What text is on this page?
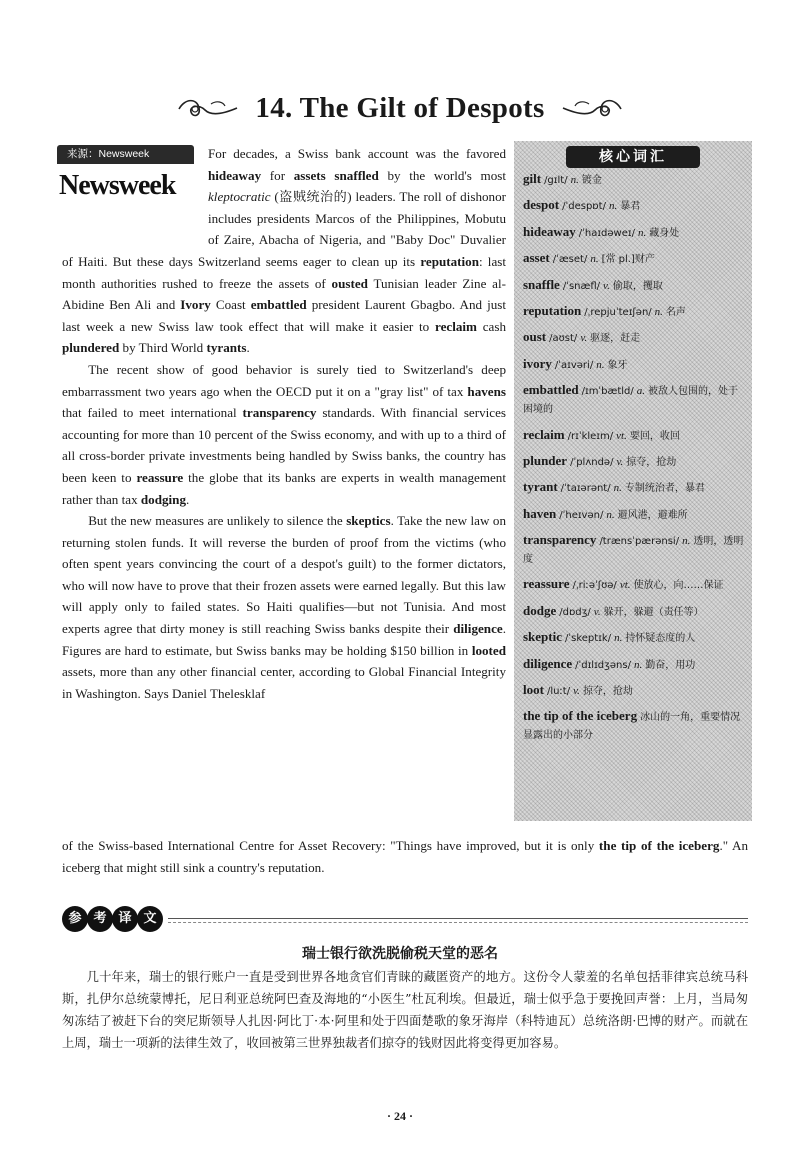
14. The Gilt of Despots
来源：Newsweek
Newsweek

For decades, a Swiss bank account was the favored hideaway for assets snaffled by the world's most kleptocratic (盗贼统治的) leaders. The roll of dishonor includes presidents Marcos of the Philippines, Mobutu of Zaire, Abacha of Nigeria, and "Baby Doc" Duvalier of Haiti. But these days Switzerland seems eager to clean up its reputation: last month authorities rushed to freeze the assets of ousted Tunisian leader Zine al-Abidine Ben Ali and Ivory Coast embattled president Laurent Gbagbo. And just last week a new Swiss law took effect that will make it easier to reclaim cash plundered by Third World tyrants.

The recent show of good behavior is surely tied to Switzerland's deep embarrassment two years ago when the OECD put it on a "gray list" of tax havens that failed to meet international transparency standards. With financial services accounting for more than 10 percent of the Swiss economy, and with up to a third of all cross-border private investments being handled by Swiss banks, the country has been keen to reassure the globe that its banks are experts in wealth management rather than tax dodging.

But the new measures are unlikely to silence the skeptics. Take the new law on returning stolen funds. It will reverse the burden of proof from the victims (who often spent years convincing the court of a despot's guilt) to the former dictators, who will now have to prove that their frozen assets were earned legally. But this law will apply only to failed states. So Haiti qualifies—but not Tunisia. And most experts agree that dirty money is still reaching Swiss banks despite their diligence. Figures are hard to estimate, but Swiss banks may be holding $150 billion in looted assets, more than any other financial center, according to Global Financial Integrity in Washington. Says Daniel Thelesklaf

of the Swiss-based International Centre for Asset Recovery: "Things have improved, but it is only the tip of the iceberg." An iceberg that might still sink a country's reputation.
核心词汇
gilt /gɪlt/ n. 镀金
despot /ˈdespɒt/ n. 暴君
hideaway /ˈhaɪdəweɪ/ n. 藏身处
asset /ˈæset/ n. [常 pl.]财产
snaffle /ˈsnæfl/ v. 偷取，攫取
reputation /ˌrepjuˈteɪʃən/ n. 名声
oust /aʊst/ v. 驱逐，赶走
ivory /ˈaɪvəri/ n. 象牙
embattled /ɪmˈbætld/ a. 被敌人包围的，处于困境的
reclaim /rɪˈkleɪm/ vt. 要回，收回
plunder /ˈplʌndə/ v. 掠夺，抢劫
tyrant /ˈtaɪərənt/ n. 专制统治者，暴君
haven /ˈheɪvən/ n. 避风港，避难所
transparency /trænsˈpærənsi/ n. 透明，透明度
reassure /ˌriːəˈʃʊə/ vt. 使放心，向……保证
dodge /dɒdʒ/ v. 躲开，躲避（责任等）
skeptic /ˈskeptɪk/ n. 持怀疑态度的人
diligence /ˈdɪlɪdʒəns/ n. 勤奋，用功
loot /luːt/ v. 掠夺，抢劫
the tip of the iceberg 冰山的一角，重要情况显露出的小部分
参 考 译 文
瑞士银行欲洗脱偷税天堂的恶名

几十年来，瑞士的银行账户一直是受到世界各地贪官们青睐的藏匿资产的地方。这份令人蒙羞的名单包括菲律宾总统马科斯，扎伊尔总统蒙博托，尼日利亚总统阿巴查及海地的“小医生”杜瓦利埃。但最近，瑞士似乎急于要挽回声誉：上月，当局匆匆冻结了被赶下台的突尼斯领导人扎因·阿比丁·本·阿里和处于四面楚歌的象牙海岸（科特迪瓦）总统洛朗·巴博的财产。而就在上周，瑞士一项新的法律生效了，收回被第三世界独裁者们掠夺的钱财因此将变得更加容易。

· 24 ·
